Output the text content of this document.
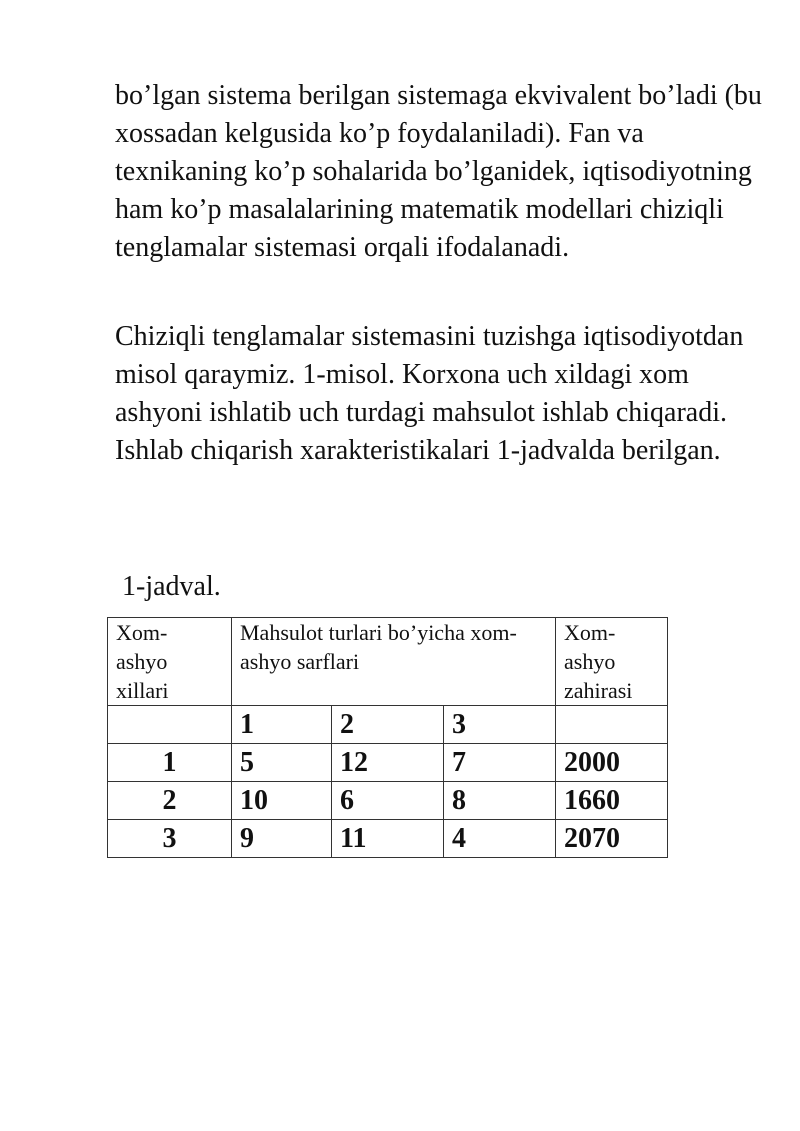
bo’lgan sistema berilgan sistemaga ekvivalent bo’ladi (bu xossadan kelgusida ko’p foydalaniladi). Fan va texnikaning ko’p sohalarida bo’lganidek, iqtisodiyotning ham ko’p masalalarining matematik modellari chiziqli tenglamalar sistemasi orqali ifodalanadi.

Chiziqli tenglamalar sistemasini tuzishga iqtisodiyotdan misol qaraymiz. 1-misol. Korxona uch xildagi xom ashyoni ishlatib uch turdagi mahsulot ishlab chiqaradi. Ishlab chiqarish xarakteristikalari 1-jadvalda berilgan.

1-jadval.
Xom- ashyo xillari	Mahsulot turlari bo’yicha xom-ashyo sarflari			Xom-ashyo zahirasi
	1	2	3	
1	5	12	7	2000
2	10	6	8	1660
3	9	11	4	2070
